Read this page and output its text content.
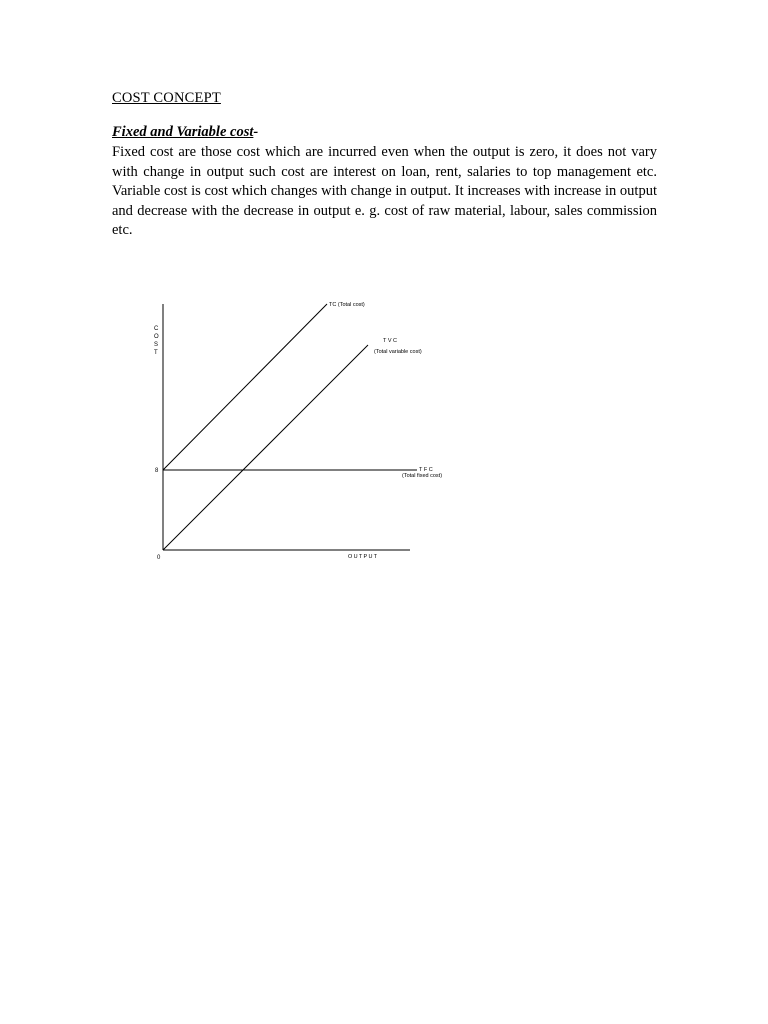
COST CONCEPT
Fixed and Variable cost-

Fixed cost are those cost which are incurred even when the output is zero, it does not vary with change in output such cost are interest on loan, rent, salaries to top management etc. Variable cost is cost which changes with change in output. It increases with increase in output and decrease with the decrease in output e. g. cost of raw material, labour, sales commission etc.

C
O
S
T
8
0	OUTPUT
TC (Total cost)
TVC
(Total variable cost)
TFC
(Total fixed cost)
